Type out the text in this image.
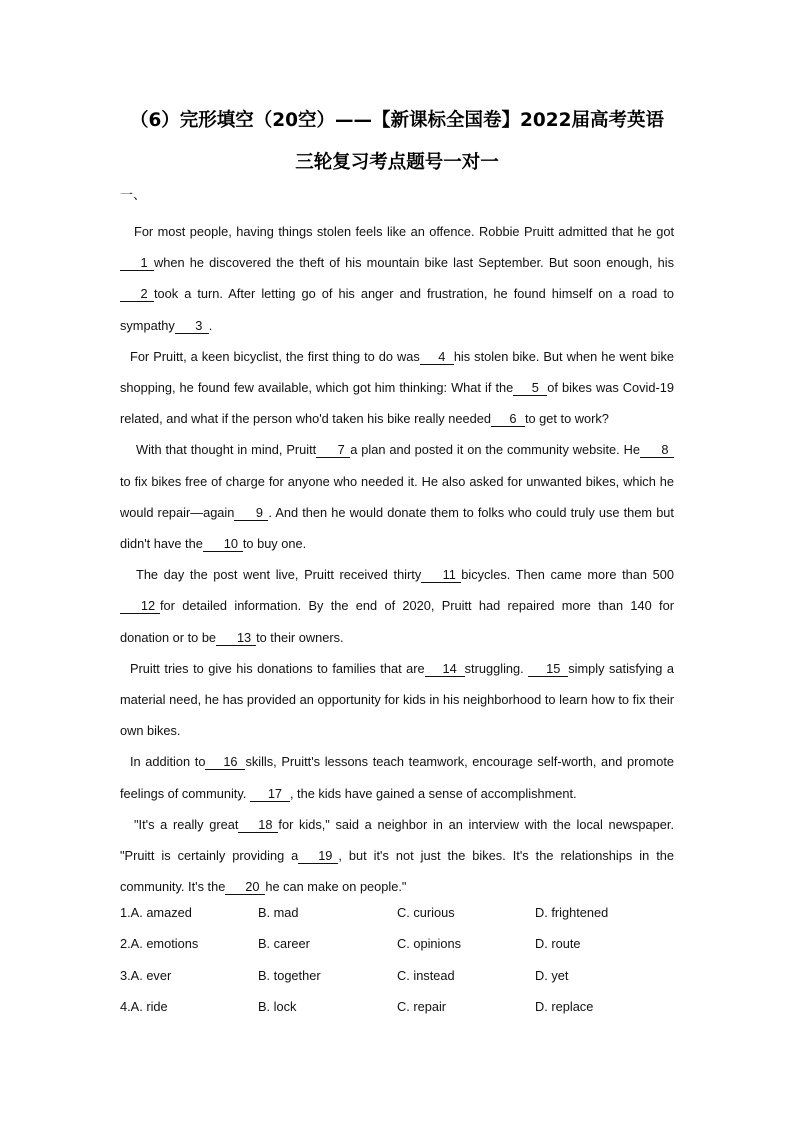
（6）完形填空（20空）——【新课标全国卷】2022届高考英语
三轮复习考点题号一对一
一、

For most people, having things stolen feels like an offence. Robbie Pruitt admitted that he got1 when he discovered the theft of his mountain bike last September. But soon enough, his2 took a turn. After letting go of his anger and frustration, he found himself on a road to sympathy 3 .

For Pruitt, a keen bicyclist, the first thing to do was 4 his stolen bike. But when he went bike shopping, he found few available, which got him thinking: What if the 5 of bikes was Covid-19 related, and what if the person who'd taken his bike really needed 6 to get to work?

With that thought in mind, Pruitt 7 a plan and posted it on the community website. He 8to fix bikes free of charge for anyone who needed it. He also asked for unwanted bikes, which he would repair—again 9 . And then he would donate them to folks who could truly use them but didn't have the 10 to buy one.

The day the post went live, Pruitt received thirty 11 bicycles. Then came more than 50012 for detailed information. By the end of 2020, Pruitt had repaired more than 140 for donation or to be 13 to their owners.

Pruitt tries to give his donations to families that are 14 struggling. 15 simply satisfying a material need, he has provided an opportunity for kids in his neighborhood to learn how to fix their own bikes.

In addition to 16 skills, Pruitt's lessons teach teamwork, encourage self-worth, and promote feelings of community. 17 , the kids have gained a sense of accomplishment.

"It's a really great 18 for kids," said a neighbor in an interview with the local newspaper. "Pruitt is certainly providing a 19 , but it's not just the bikes. It's the relationships in the community. It's the 20 he can make on people."

1.A. amazed	B. mad	C. curious	D. frightened
2.A. emotions	B. career	C. opinions	D. route
3.A. ever	B. together	C. instead	D. yet
4.A. ride	B. lock	C. repair	D. replace
